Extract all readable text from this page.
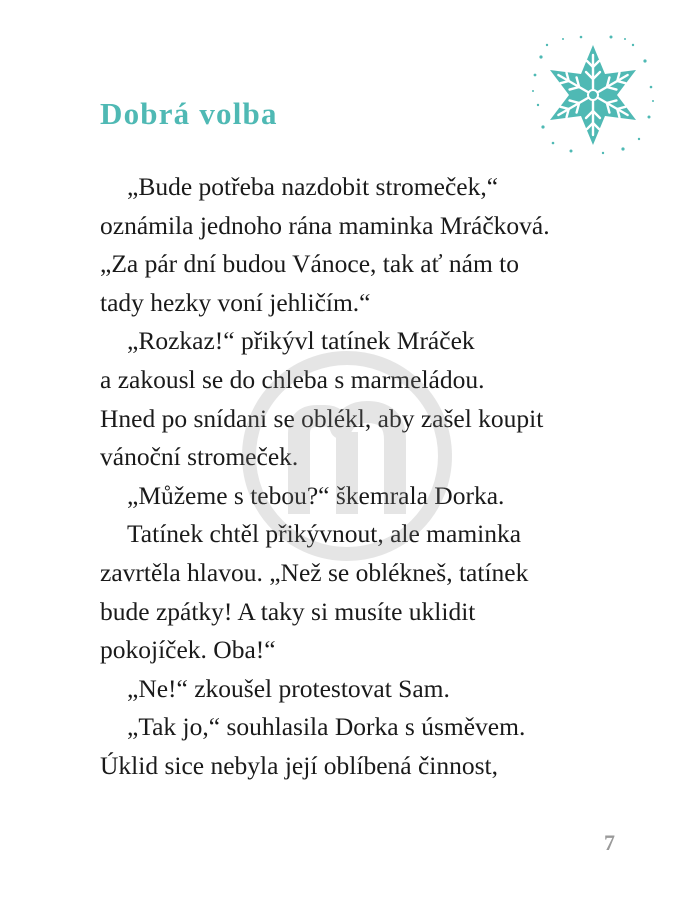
Dobrá volba
„Bude potřeba nazdobit stromeček,“
oznámila jednoho rána maminka Mráčková.
„Za pár dní budou Vánoce, tak ať nám to
tady hezky voní jehličím.“
„Rozkaz!“ přikývl tatínek Mráček
a zakousl se do chleba s marmeládou.
Hned po snídani se oblékl, aby zašel koupit
vánoční stromeček.
„Můžeme s tebou?“ škemrala Dorka.
Tatínek chtěl přikývnout, ale maminka
zavrtěla hlavou. „Než se oblékneš, tatínek
bude zpátky! A taky si musíte uklidit
pokojíček. Oba!“
„Ne!“ zkoušel protestovat Sam.
„Tak jo,“ souhlasila Dorka s úsměvem.
Úklid sice nebyla její oblíbená činnost,
7
